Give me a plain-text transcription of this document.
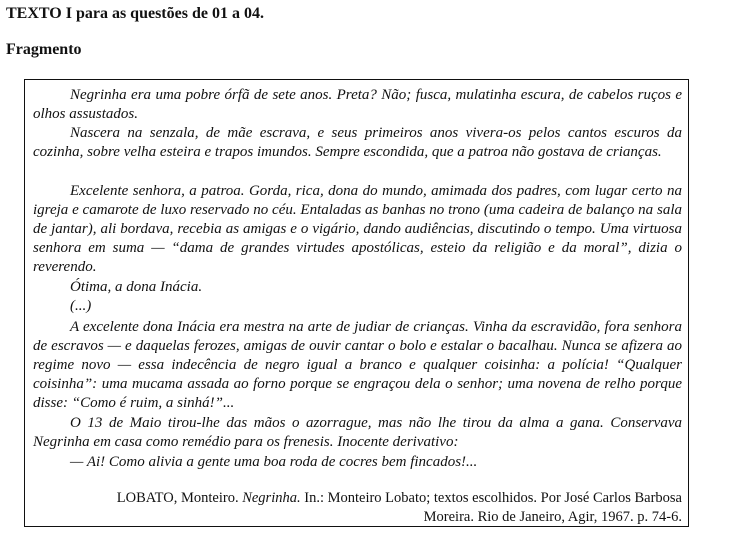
TEXTO I para as questões de 01 a 04.
Fragmento
Negrinha era uma pobre órfã de sete anos. Preta? Não; fusca, mulatinha escura, de cabelos ruços e olhos assustados.
Nascera na senzala, de mãe escrava, e seus primeiros anos vivera-os pelos cantos escuros da cozinha, sobre velha esteira e trapos imundos. Sempre escondida, que a patroa não gostava de crianças.
Excelente senhora, a patroa. Gorda, rica, dona do mundo, amimada dos padres, com lugar certo na igreja e camarote de luxo reservado no céu. Entaladas as banhas no trono (uma cadeira de balanço na sala de jantar), ali bordava, recebia as amigas e o vigário, dando audiências, discutindo o tempo. Uma virtuosa senhora em suma — “dama de grandes virtudes apostólicas, esteio da religião e da moral”, dizia o reverendo.
Ótima, a dona Inácia.
(...)
A excelente dona Inácia era mestra na arte de judiar de crianças. Vinha da escravidão, fora senhora de escravos — e daquelas ferozes, amigas de ouvir cantar o bolo e estalar o bacalhau. Nunca se afizera ao regime novo — essa indecência de negro igual a branco e qualquer coisinha: a polícia! “Qualquer coisinha”: uma mucama assada ao forno porque se engraçou dela o senhor; uma novena de relho porque disse: “Como é ruim, a sinhá!”...
O 13 de Maio tirou-lhe das mãos o azorrague, mas não lhe tirou da alma a gana. Conservava Negrinha em casa como remédio para os frenesis. Inocente derivativo:
— Ai! Como alivia a gente uma boa roda de cocres bem fincados!...
LOBATO, Monteiro. Negrinha. In.: Monteiro Lobato; textos escolhidos. Por José Carlos Barbosa
Moreira. Rio de Janeiro, Agir, 1967. p. 74-6.
